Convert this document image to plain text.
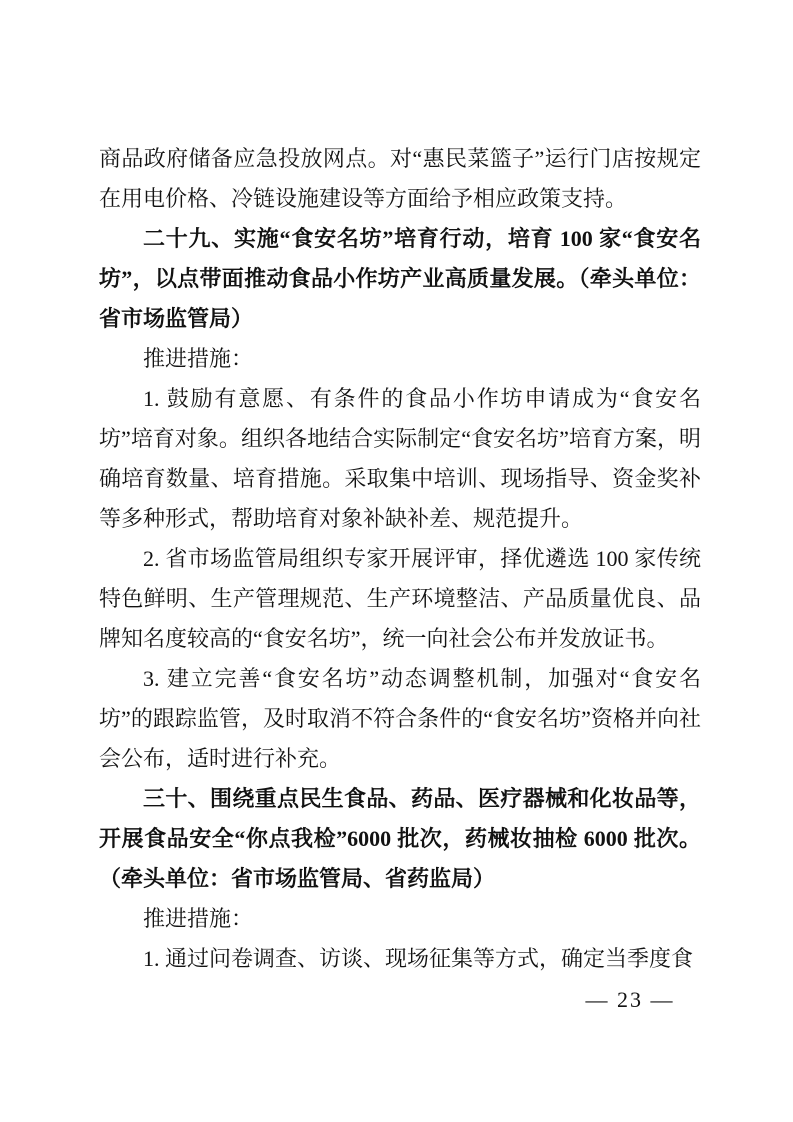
商品政府储备应急投放网点。对“惠民菜篮子”运行门店按规定在用电价格、冷链设施建设等方面给予相应政策支持。

二十九、实施“食安名坊”培育行动，培育 100 家“食安名坊”，以点带面推动食品小作坊产业高质量发展。（牵头单位：省市场监管局）

推进措施：

1. 鼓励有意愿、有条件的食品小作坊申请成为“食安名坊”培育对象。组织各地结合实际制定“食安名坊”培育方案，明确培育数量、培育措施。采取集中培训、现场指导、资金奖补等多种形式，帮助培育对象补缺补差、规范提升。

2. 省市场监管局组织专家开展评审，择优遴选 100 家传统特色鲜明、生产管理规范、生产环境整洁、产品质量优良、品牌知名度较高的“食安名坊”，统一向社会公布并发放证书。

3. 建立完善“食安名坊”动态调整机制，加强对“食安名坊”的跟踪监管，及时取消不符合条件的“食安名坊”资格并向社会公布，适时进行补充。

三十、围绕重点民生食品、药品、医疗器械和化妆品等，开展食品安全“你点我检”6000 批次，药械妆抽检 6000 批次。（牵头单位：省市场监管局、省药监局）

推进措施：

1. 通过问卷调查、访谈、现场征集等方式，确定当季度食

— 23 —
